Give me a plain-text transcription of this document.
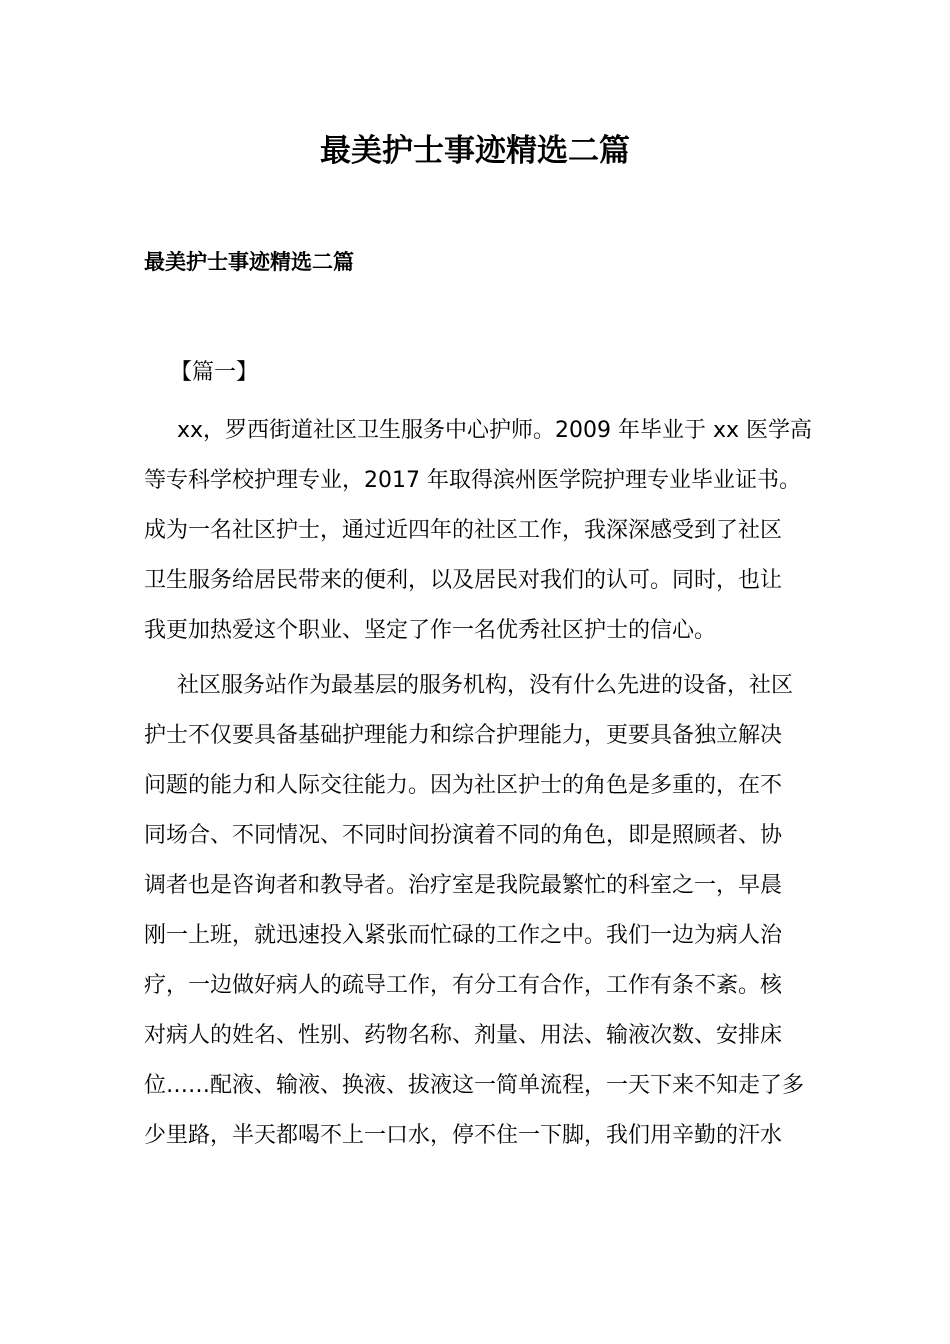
最美护士事迹精选二篇
最美护士事迹精选二篇
【篇一】
xx，罗西街道社区卫生服务中心护师。2009 年毕业于 xx 医学高
等专科学校护理专业，2017 年取得滨州医学院护理专业毕业证书。
成为一名社区护士，通过近四年的社区工作，我深深感受到了社区
卫生服务给居民带来的便利，以及居民对我们的认可。同时，也让
我更加热爱这个职业、坚定了作一名优秀社区护士的信心。
社区服务站作为最基层的服务机构，没有什么先进的设备，社区
护士不仅要具备基础护理能力和综合护理能力，更要具备独立解决
问题的能力和人际交往能力。因为社区护士的角色是多重的，在不
同场合、不同情况、不同时间扮演着不同的角色，即是照顾者、协
调者也是咨询者和教导者。治疗室是我院最繁忙的科室之一，早晨
刚一上班，就迅速投入紧张而忙碌的工作之中。我们一边为病人治
疗，一边做好病人的疏导工作，有分工有合作，工作有条不紊。核
对病人的姓名、性别、药物名称、剂量、用法、输液次数、安排床
位……配液、输液、换液、拔液这一简单流程，一天下来不知走了多
少里路，半天都喝不上一口水，停不住一下脚，我们用辛勤的汗水
